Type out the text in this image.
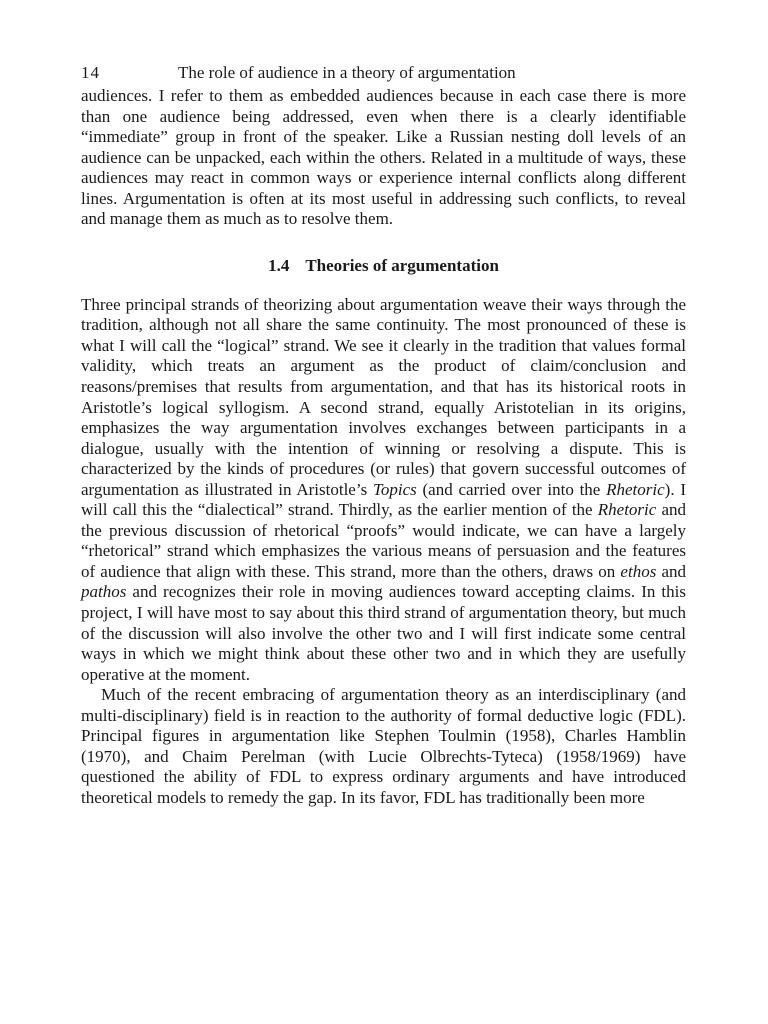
14	The role of audience in a theory of argumentation

audiences. I refer to them as embedded audiences because in each case there is more than one audience being addressed, even when there is a clearly identifiable “immediate” group in front of the speaker. Like a Russian nesting doll levels of an audience can be unpacked, each within the others. Related in a multitude of ways, these audiences may react in common ways or experience internal conflicts along different lines. Argumentation is often at its most useful in addressing such conflicts, to reveal and manage them as much as to resolve them.

1.4 Theories of argumentation

Three principal strands of theorizing about argumentation weave their ways through the tradition, although not all share the same continuity. The most pronounced of these is what I will call the “logical” strand. We see it clearly in the tradition that values formal validity, which treats an argument as the product of claim/conclusion and reasons/premises that results from argumentation, and that has its historical roots in Aristotle’s logical syllogism. A second strand, equally Aristotelian in its origins, emphasizes the way argumentation involves exchanges between participants in a dialogue, usually with the intention of winning or resolving a dispute. This is characterized by the kinds of procedures (or rules) that govern successful outcomes of argumentation as illustrated in Aristotle’s Topics (and carried over into the Rhetoric). I will call this the “dialectical” strand. Thirdly, as the earlier mention of the Rhetoric and the previous discussion of rhetorical “proofs” would indicate, we can have a largely “rhetorical” strand which emphasizes the various means of persuasion and the features of audience that align with these. This strand, more than the others, draws on ethos and pathos and recognizes their role in moving audiences toward accepting claims. In this project, I will have most to say about this third strand of argumentation theory, but much of the discussion will also involve the other two and I will first indicate some central ways in which we might think about these other two and in which they are usefully operative at the moment.

Much of the recent embracing of argumentation theory as an interdisciplinary (and multi-disciplinary) field is in reaction to the authority of formal deductive logic (FDL). Principal figures in argumentation like Stephen Toulmin (1958), Charles Hamblin (1970), and Chaim Perelman (with Lucie Olbrechts-Tyteca) (1958/1969) have questioned the ability of FDL to express ordinary arguments and have introduced theoretical models to remedy the gap. In its favor, FDL has traditionally been more
